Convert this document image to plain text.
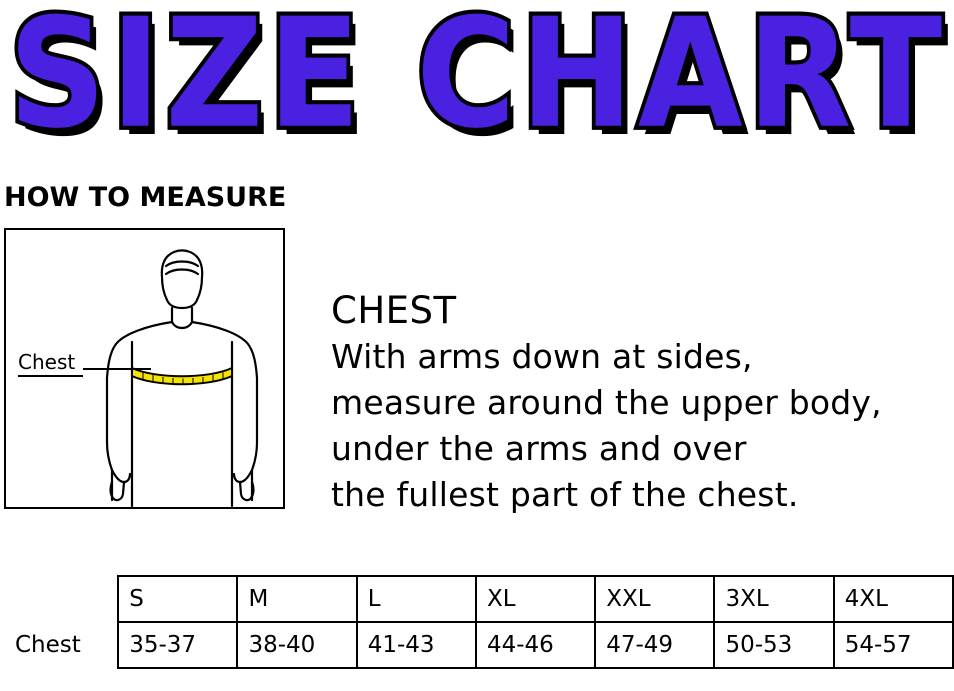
SIZE CHART
HOW TO MEASURE
Chest
CHEST
With arms down at sides,
measure around the upper body,
under the arms and over
the fullest part of the chest.
	S	M	L	XL	XXL	3XL	4XL
Chest	35-37	38-40	41-43	44-46	47-49	50-53	54-57
